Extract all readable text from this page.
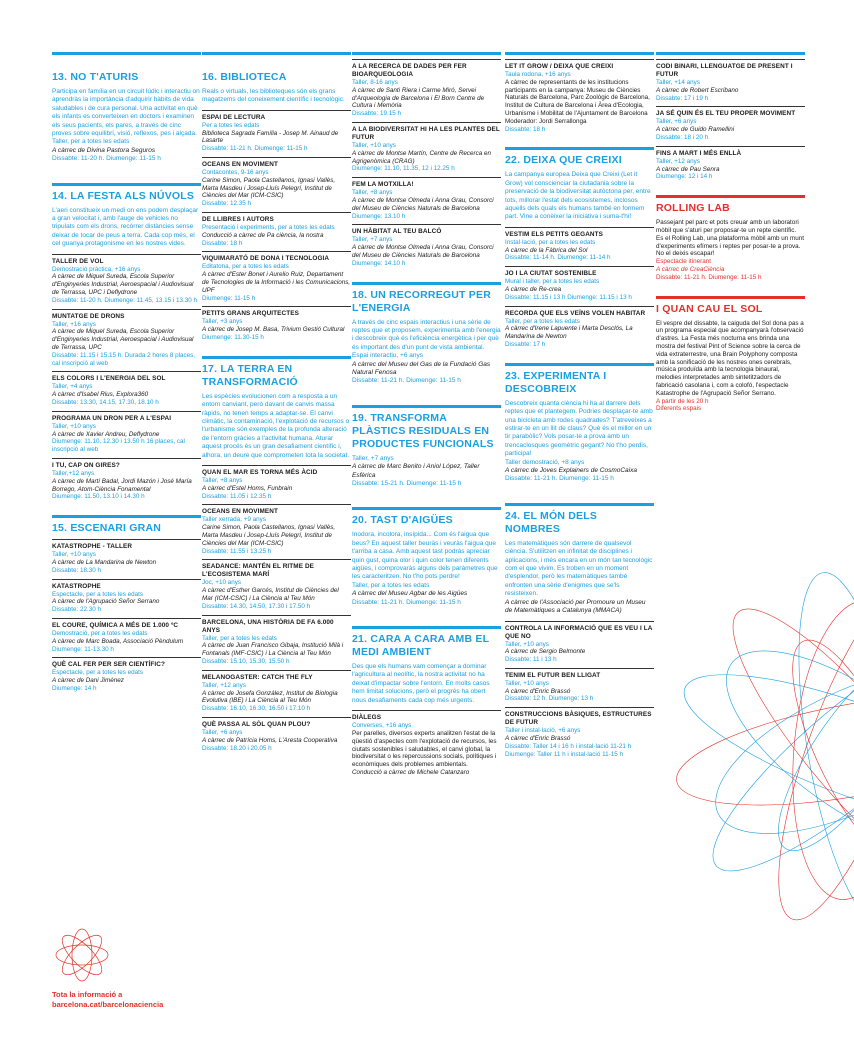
13. NO T'ATURIS
Participa en família en un circuit lúdic i interactiu on aprendràs la importància d'adquirir hàbits de vida saludables i de cura personal. Una activitat en què els infants es converteixen en doctors i examinen els seus pacients, els pares, a través de cinc proves sobre equilibri, visió, reflexos, pes i alçada.
Taller, per a totes les edats
A càrrec de Divina Pastora Seguros
Dissabte: 11-20 h. Diumenge: 11-15 h
14. LA FESTA ALS NÚVOLS
L'aeri constitueix un medi on ens podem desplaçar a gran velocitat i, amb l'auge de vehicles no tripulats com els drons, recórrer distàncies sense deixar de tocar de peus a terra. Cada cop més, el cel guanya protagonisme en les nostres vides.
TALLER DE VOL
Demostració pràctica, +16 anys
A càrrec de Miquel Sureda, Escola Superior d'Enginyeries Industrial, Aeroespacial i Audiovisual de Terrassa, UPC i Deflydrone
Dissabte: 11-20 h. Diumenge: 11.45, 13.15 i 13.30 h
MUNTATGE DE DRONS
Taller, +16 anys
A càrrec de Miquel Sureda, Escola Superior d'Enginyeries Industrial, Aeroespacial i Audiovisual de Terrassa, UPC
Dissabte: 11.15 i 15.15 h. Durada 2 hores 8 places, cal inscripció al web
ELS COLORS I L'ENERGIA DEL SOL
Taller, +4 anys
A càrrec d'Isabel Rius, Explora360
Dissabte: 13.30, 14.15, 17.30, 18.10 h
PROGRAMA UN DRON PER A L'ESPAI
Taller, +10 anys
A càrrec de Xavier Andreu, Deflydrone
Diumenge: 11.10, 12.30 i 13.50 h 16 places, cal inscripció al web
I TU, CAP ON GIRES?
Taller,+12 anys
A càrrec de Martí Badal, Jordi Mazón i José María Borrego, Atom-Ciència Fonamental
Diumenge: 11.50, 13.10 i 14.30 h
15. ESCENARI GRAN
KATASTROPHE - TALLER
Taller, +10 anys
A càrrec de La Mandarina de Newton
Dissabte: 18.30 h
KATASTROPHE
Espectacle, per a totes les edats
A càrrec de l'Agrupació Señor Serrano
Dissabte: 22.30 h
EL COURE, QUÍMICA A MÉS DE 1.000 ºC
Demostració, per a totes les edats
A càrrec de Marc Boada, Associació Pèndulum
Diumenge: 11-13.30 h
QUÈ CAL FER PER SER CIENTÍFIC?
Espectacle, per a totes les edats
A càrrec de Dani Jiménez
Diumenge: 14 h
16. BIBLIOTECA
Reals o virtuals, les biblioteques són els grans magatzems del coneixement científic i tecnològic.
ESPAI DE LECTURA
Per a totes les edats
Biblioteca Sagrada Família - Josep M. Ainaud de Lasarte
Dissabte: 11-21 h. Diumenge: 11-15 h
OCEANS EN MOVIMENT
Contacontes, 9-16 anys
Carine Simon, Paola Castellanos, Ignasi Vallès, Marta Masdeu i Josep-Lluís Pelegrí, Institut de Ciències del Mar (ICM-CSIC)
Dissabte: 12.35 h
DE LLIBRES I AUTORS
Presentació i experiments, per a totes les edats
Conducció a càrrec de Pa ciència, la nostra
Dissabte: 18 h
VIQUIMARATÓ DE DONA I TECNOLOGIA
Editatona, per a totes les edats
A càrrec d'Ester Bonet i Aurelio Ruiz, Departament de Tecnologies de la Informació i les Comunicacions, UPF
Diumenge: 11-15 h
PETITS GRANS ARQUITECTES
Taller, +3 anys
A càrrec de Josep M. Basa, Trivium Gestió Cultural
Diumenge: 11.30-15 h
17. LA TERRA EN TRANSFORMACIÓ
Les espècies evolucionen com a resposta a un entorn canviant, però davant de canvis massa ràpids, no tenen temps a adaptar-se. El canvi climàtic, la contaminació, l'explotació de recursos o l'urbanisme són exemples de la profunda alteració de l'entorn gràcies a l'activitat humana. Aturar aquest procés és un gran desafiament científic i, alhora, un deure que comprometen tota la societat.
QUAN EL MAR ES TORNA MÉS ÀCID
Taller, +8 anys
A càrrec d'Estel Homs, Funbrain
Dissabte: 11.05 i 12.35 h
OCEANS EN MOVIMENT
Taller xerrada, +9 anys
Carine Simon, Paola Castellanos, Ignasi Vallès, Marta Masdeu i Josep-Lluís Pelegrí, Institut de Ciències del Mar (ICM-CSIC)
Dissabte: 11.55 i 13.25 h
SEADANCE: MANTÉN EL RITME DE L'ECOSISTEMA MARÍ
Joc, +10 anys
A càrrec d'Esther Garcés, Institut de Ciències del Mar (ICM-CSIC) i La Ciència al Teu Món
Dissabte: 14.30, 14.50, 17.30 i 17.50 h
BARCELONA, UNA HISTÒRIA DE FA 6.000 ANYS
Taller, per a totes les edats
A càrrec de Juan Francisco Gibaja, Institució Milà i Fontanals (IMF-CSIC) i La Ciència al Teu Món
Dissabte: 15.10, 15.30, 15.50 h
MELANOGASTER: CATCH THE FLY
Taller, +12 anys
A càrrec de Josefa González, Institut de Biologia Evolutiva (IBE) i La Ciència al Teu Món
Dissabte: 16.10, 16.30, 16.50 i 17.10 h
QUÈ PASSA AL SÒL QUAN PLOU?
Taller, +6 anys
A càrrec de Patrícia Homs, L'Aresta Cooperativa
Dissabte: 18.20 i 20.05 h
A LA RECERCA DE DADES PER FER BIOARQUEOLOGIA
Taller, 8-16 anys
A càrrec de Santi Riera i Carme Miró, Servei d'Arqueologia de Barcelona i El Born Centre de Cultura i Memòria
Dissabte: 19.15 h
A LA BIODIVERSITAT HI HA LES PLANTES DEL FUTUR
Taller, +10 anys
A càrrec de Montse Martín, Centre de Recerca en Agrigenòmica (CRAG)
Diumenge: 11.10, 11.35, 12 i 12.25 h
FEM LA MOTXILLA!
Taller, +8 anys
A càrrec de Montse Olmeda i Anna Grau, Consorci del Museu de Ciències Naturals de Barcelona
Diumenge: 13.10 h
UN HÀBITAT AL TEU BALCÓ
Taller, +7 anys
A càrrec de Montse Olmeda i Anna Grau, Consorci del Museu de Ciències Naturals de Barcelona
Diumenge: 14.10 h
18. UN RECORREGUT PER L'ENERGIA
A través de cinc espais interactius i una sèrie de reptes que et proposem, experimenta amb l'energia i descobreix què és l'eficiència energètica i per què és important des d'un punt de vista ambiental.
Espai interactiu, +6 anys
A càrrec del Museu del Gas de la Fundació Gas Natural Fenosa
Dissabte: 11-21 h. Diumenge: 11-15 h
19. TRANSFORMA PLÀSTICS RESIDUALS EN PRODUCTES FUNCIONALS
Taller, +7 anys
A càrrec de Marc Benito i Aniol López, Taller Esfèrica
Dissabte: 15-21 h. Diumenge: 11-15 h
20. TAST D'AIGÜES
Inodora, incolora, insípida... Com és l'aigua que beus? En aquest taller beuràs i veuràs l'aigua que t'arriba a casa. Amb aquest tast podràs apreciar quin gust, quina olor i quin color tenen diferents aigües, i comprovaràs alguns dels paràmetres que les caracteritzen. No t'ho pots perdre!
Taller, per a totes les edats
A càrrec del Museu Agbar de les Aigües
Dissabte: 11-21 h. Diumenge: 11-15 h
21. CARA A CARA AMB EL MEDI AMBIENT
Des que els humans vam començar a dominar l'agricultura al neolític, la nostra activitat no ha deixat d'impactar sobre l'entorn. En molts casos hem limitat solucions, però el progrés ha obert nous desafiaments cada cop més urgents.
DIÀLEGS
Converses, +16 anys
Per parelles, diversos experts analitzen l'estat de la qüestió d'aspectes com l'explotació de recursos, les ciutats sostenibles i saludables, el canvi global, la biodiversitat o les repercussions socials, polítiques i econòmiques dels problemes ambientals.
Conducció a càrrec de Michele Catanzaro
LET IT GROW / DEIXA QUE CREIXI
Taula rodona, +16 anys
A càrrec de representants de les institucions participants en la campanya: Museu de Ciències Naturals de Barcelona, Parc Zoològic de Barcelona, Institut de Cultura de Barcelona i Àrea d'Ecologia, Urbanisme i Mobilitat de l'Ajuntament de Barcelona Moderador: Jordi Serrallonga
Dissabte: 18 h
22. DEIXA QUE CREIXI
La campanya europea Deixa que Creixi (Let it Grow) vol conscienciar la ciutadania sobre la preservació de la biodiversitat autòctona per, entre tots, millorar l'estat dels ecosistemes, inclosos aquells dels quals els humans també en formem part. Vine a conèixer la iniciativa i suma-t'hi!
VESTIM ELS PETITS GEGANTS
Instal·lació, per a totes les edats
A càrrec de la Fàbrica del Sol
Dissabte: 11-14 h. Diumenge: 11-14 h
JO I LA CIUTAT SOSTENIBLE
Mural i taller, per a totes les edats
A càrrec de Re-crea
Dissabte: 11.15 i 13 h Diumenge: 11.15 i 13 h
RECORDA QUE ELS VEÏNS VOLEN HABITAR
Taller, per a totes les edats
A càrrec d'Irene Lapuente i Marta Desclós, La Mandarina de Newton
Dissabte: 17 h
23. EXPERIMENTA I DESCOBREIX
Descobreix quanta ciència hi ha al darrere dels reptes que et plantegem. Podries desplaçar-te amb una bicicleta amb rodes quadrades? T'atreveixes a estirar-te en un llit de claus? Què és el millor en un tir parabòlic? Vols posar-te a prova amb un trencaclosques geomètric gegant? No t'ho perdis, participa!
Taller demostració, +8 anys
A càrrec de Joves Explainers de CosmoCaixa
Dissabte: 11-21 h. Diumenge: 11-15 h
24. EL MÓN DELS NOMBRES
Les matemàtiques són darrere de qualsevol ciència. S'utilitzen en infinitat de disciplines i aplicacions, i més encara en un món tan tecnològic com el que vivim. Es troben en un moment d'esplendor, però les matemàtiques també enfronten una sèrie d'enigmes que se'ls resisteixen.
A càrrec de l'Associació per Promoure un Museu de Matemàtiques a Catalunya (MMACA)
CONTROLA LA INFORMACIÓ QUE ES VEU I LA QUE NO
Taller, +10 anys
A càrrec de Sergio Belmonte
Dissabte: 11 i 13 h
TENIM EL FUTUR BEN LLIGAT
Taller, +10 anys
A càrrec d'Enric Brassó
Dissabte: 12 h. Diumenge: 13 h
CONSTRUCCIONS BÀSIQUES, ESTRUCTURES DE FUTUR
Taller i instal·lació, +6 anys
A càrrec d'Enric Brassó
Dissabte: Taller 14 i 16 h i instal·lació 11-21 h Diumenge: Taller 11 h i instal·lació 11-15 h
CODI BINARI, LLENGUATGE DE PRESENT I FUTUR
Taller, +14 anys
A càrrec de Robert Escribano
Dissabte: 17 i 19 h
JA SÉ QUIN ÉS EL TEU PROPER MOVIMENT
Taller, +6 anys
A càrrec de Guido Ramellini
Dissabte: 18 i 20 h
FINS A MART I MÉS ENLLÀ
Taller, +12 anys
A càrrec de Pau Senra
Diumenge: 12 i 14 h
ROLLING LAB
Passejant pel parc et pots creuar amb un laboratori mòbil que s'aturi per proposar-te un repte científic. Es el Rolling Lab, una plataforma mòbil amb un munt d'experiments efímers i reptes per posar-te a prova. No el deixis escapar!
Espectacle itinerant
A càrrec de CreaCiència
Dissabte: 11-21 h. Diumenge: 11-15 h
I QUAN CAU EL SOL
El vespre del dissabte, la caiguda del Sol dona pas a un programa especial que acompanyarà l'observació d'astres. La Festa més nocturna ens brinda una mostra del festival Pint of Science sobre la cerca de vida extraterrestre, una Brain Polyphony composta amb la sonificació de les nostres ones cerebrals, música produïda amb la tecnologia binaural, melodies interpretades amb sintetitzadors de fabricació casolana i, com a colofó, l'espectacle Katastrophe de l'Agrupació Señor Serrano.
A partir de les 20 h
Diferents espais
Tota la informació a
barcelona.cat/barcelonaciencia
